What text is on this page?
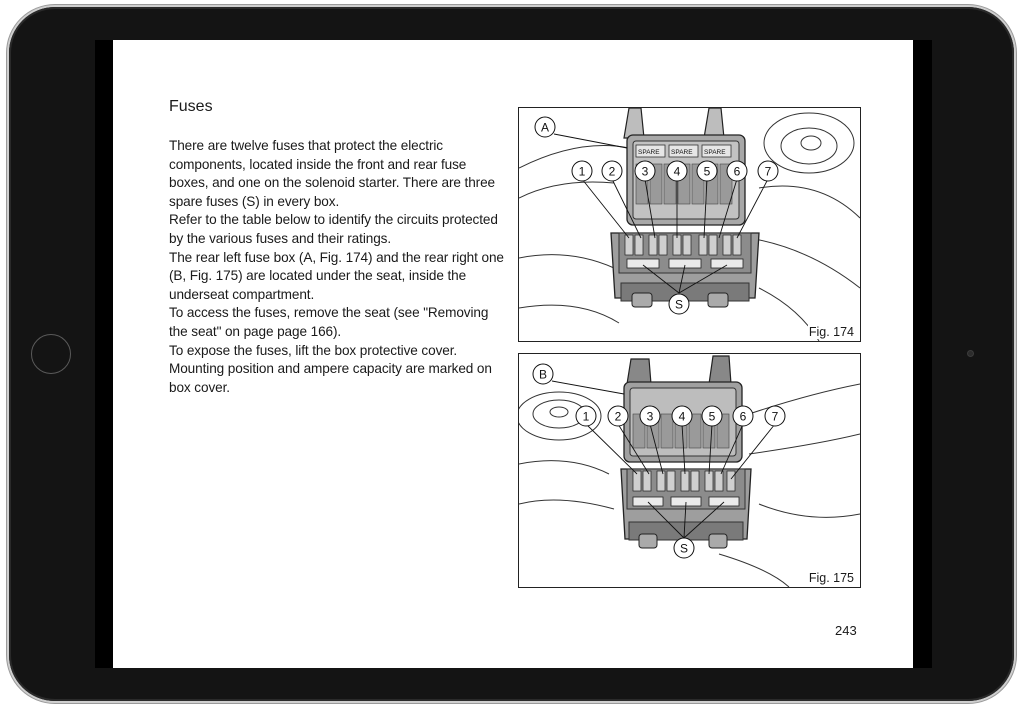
Fuses

There are twelve fuses that protect the electric components, located inside the front and rear fuse boxes, and one on the solenoid starter. There are three spare fuses (S) in every box.

Refer to the table below to identify the circuits protected by the various fuses and their ratings.

The rear left fuse box (A, Fig. 174) and the rear right one (B, Fig. 175) are located under the seat, inside the underseat compartment.

To access the fuses, remove the seat (see "Removing the seat" on page page 166).

To expose the fuses, lift the box protective cover.

Mounting position and ampere capacity are marked on box cover.

SPARE SPARE SPARE
A
1 2 3 4 5 6 7
S
Fig. 174
B
1 2 3 4 5 6 7
S
Fig. 175
243
